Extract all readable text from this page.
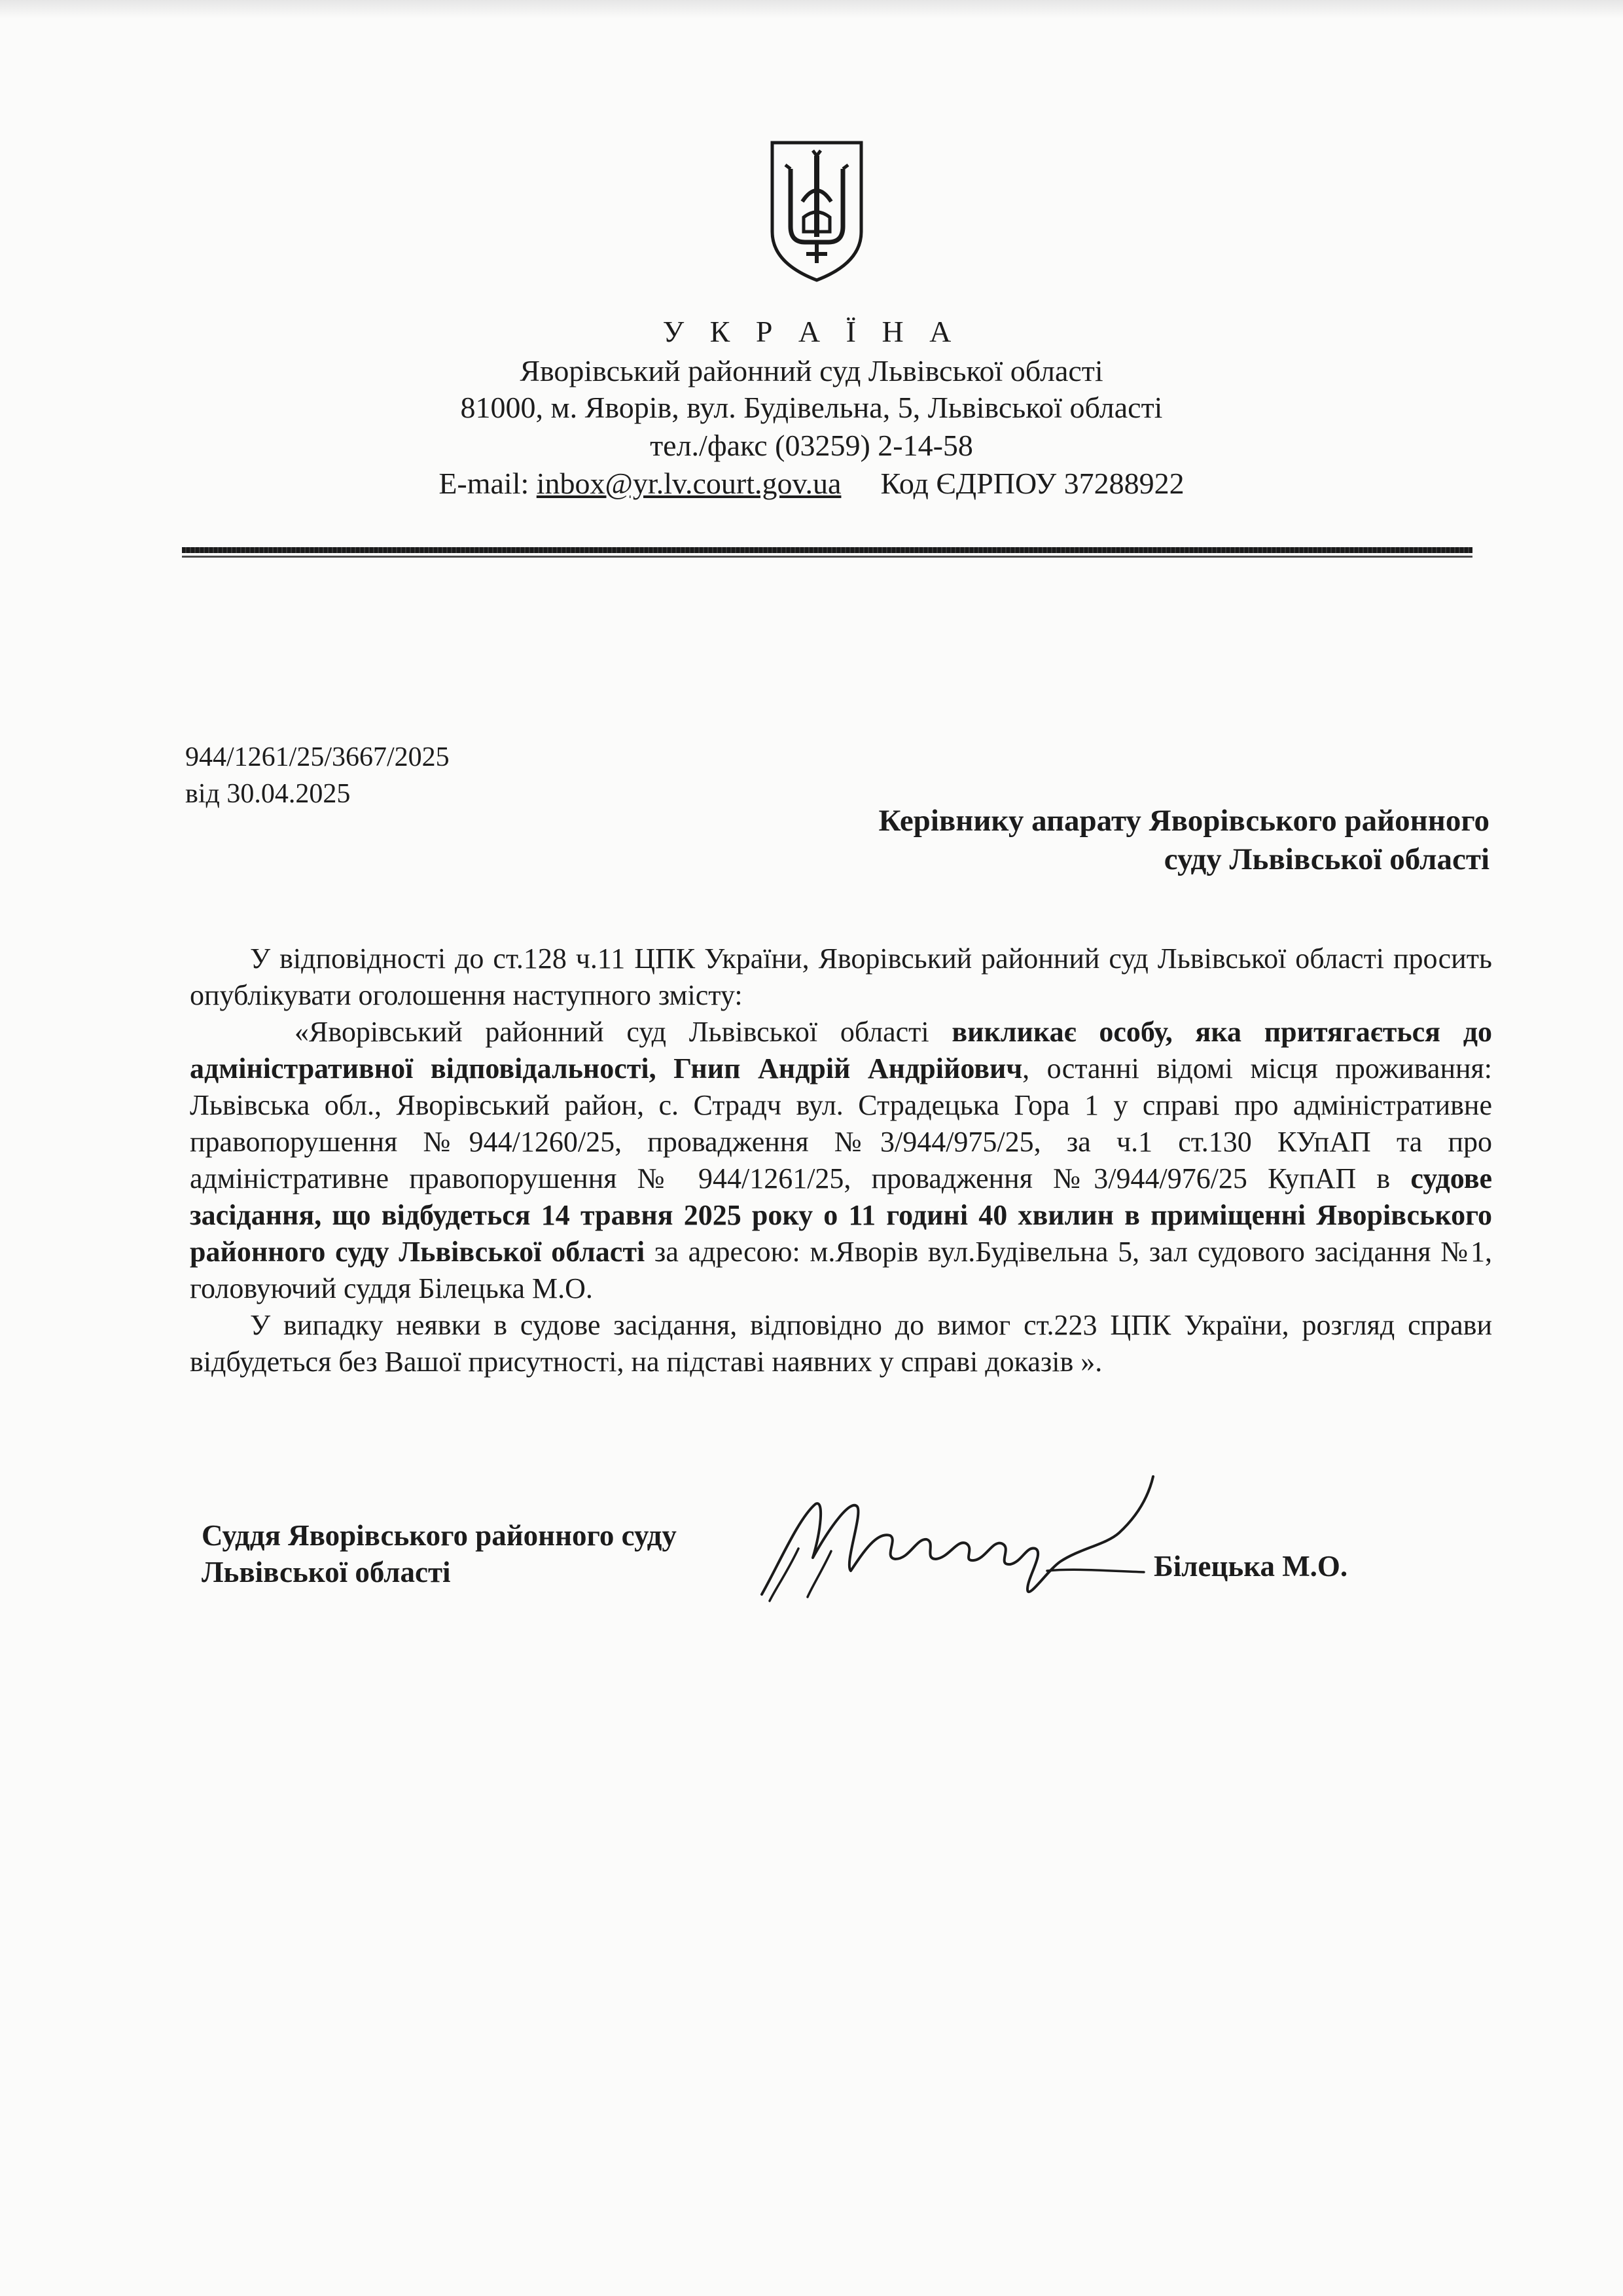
У К Р А Ї Н А
Яворівський районний суд Львівської області
81000, м. Яворів, вул. Будівельна, 5, Львівської області
тел./факс (03259) 2-14-58
E-mail: inbox@yr.lv.court.gov.ua Код ЄДРПОУ 37288922
944/1261/25/3667/2025
від 30.04.2025
Керівнику апарату Яворівського районного
суду Львівської області

У відповідності до ст.128 ч.11 ЦПК України, Яворівський районний суд Львівської області просить опублікувати оголошення наступного змісту:

«Яворівський районний суд Львівської області викликає особу, яка притягається до адміністративної відповідальності, Гнип Андрій Андрійович, останні відомі місця проживання: Львівська обл., Яворівський район, с. Страдч вул. Страдецька Гора 1 у справі про адміністративне правопорушення №944/1260/25, провадження №3/944/975/25, за ч.1 ст.130 КУпАП та про адміністративне правопорушення № 944/1261/25, провадження №3/944/976/25 КупАП в судове засідання, що відбудеться 14 травня 2025 року о 11 годині 40 хвилин в приміщенні Яворівського районного суду Львівської області за адресою: м.Яворів вул.Будівельна 5, зал судового засідання №1, головуючий суддя Білецька М.О.

У випадку неявки в судове засідання, відповідно до вимог ст.223 ЦПК України, розгляд справи відбудеться без Вашої присутності, на підставі наявних у справі доказів ».

Суддя Яворівського районного суду
Львівської області	Білецька М.О.
